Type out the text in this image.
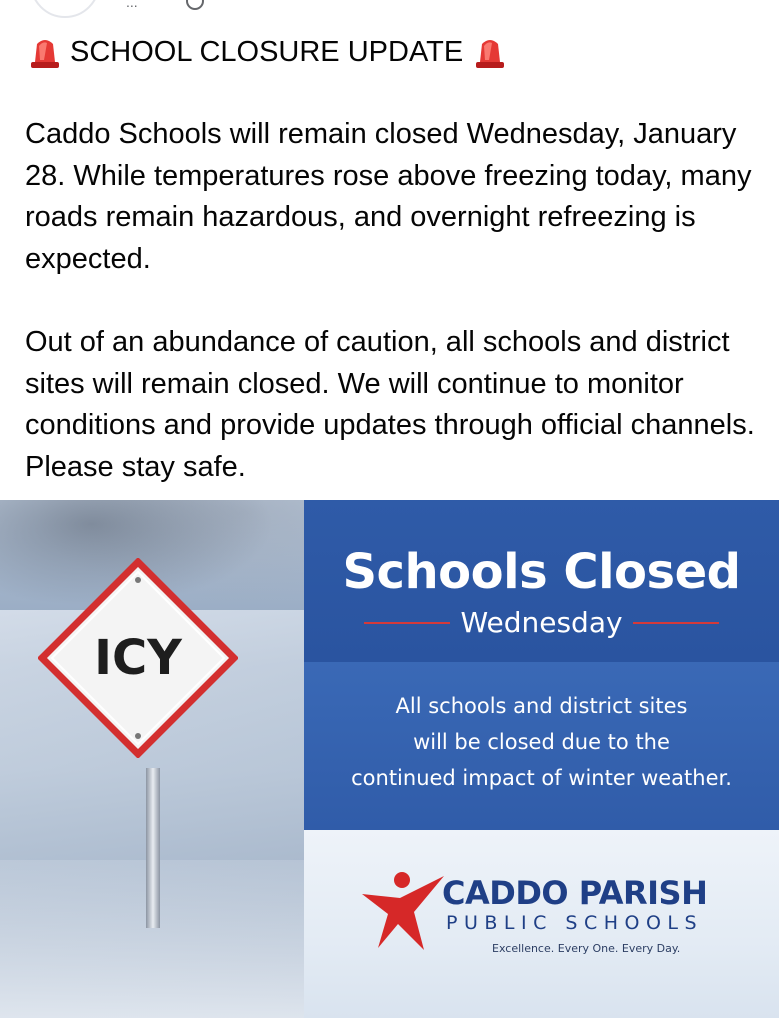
...
SCHOOL CLOSURE UPDATE

Caddo Schools will remain closed Wednesday, January 28. While temperatures rose above freezing today, many roads remain hazardous, and overnight refreezing is expected.

Out of an abundance of caution, all schools and district sites will remain closed. We will continue to monitor conditions and provide updates through official channels. Please stay safe.

ICY
Schools Closed
Wednesday
All schools and district sites
will be closed due to the
continued impact of winter weather.
CADDO PARISH
PUBLIC SCHOOLS
Excellence. Every One. Every Day.
